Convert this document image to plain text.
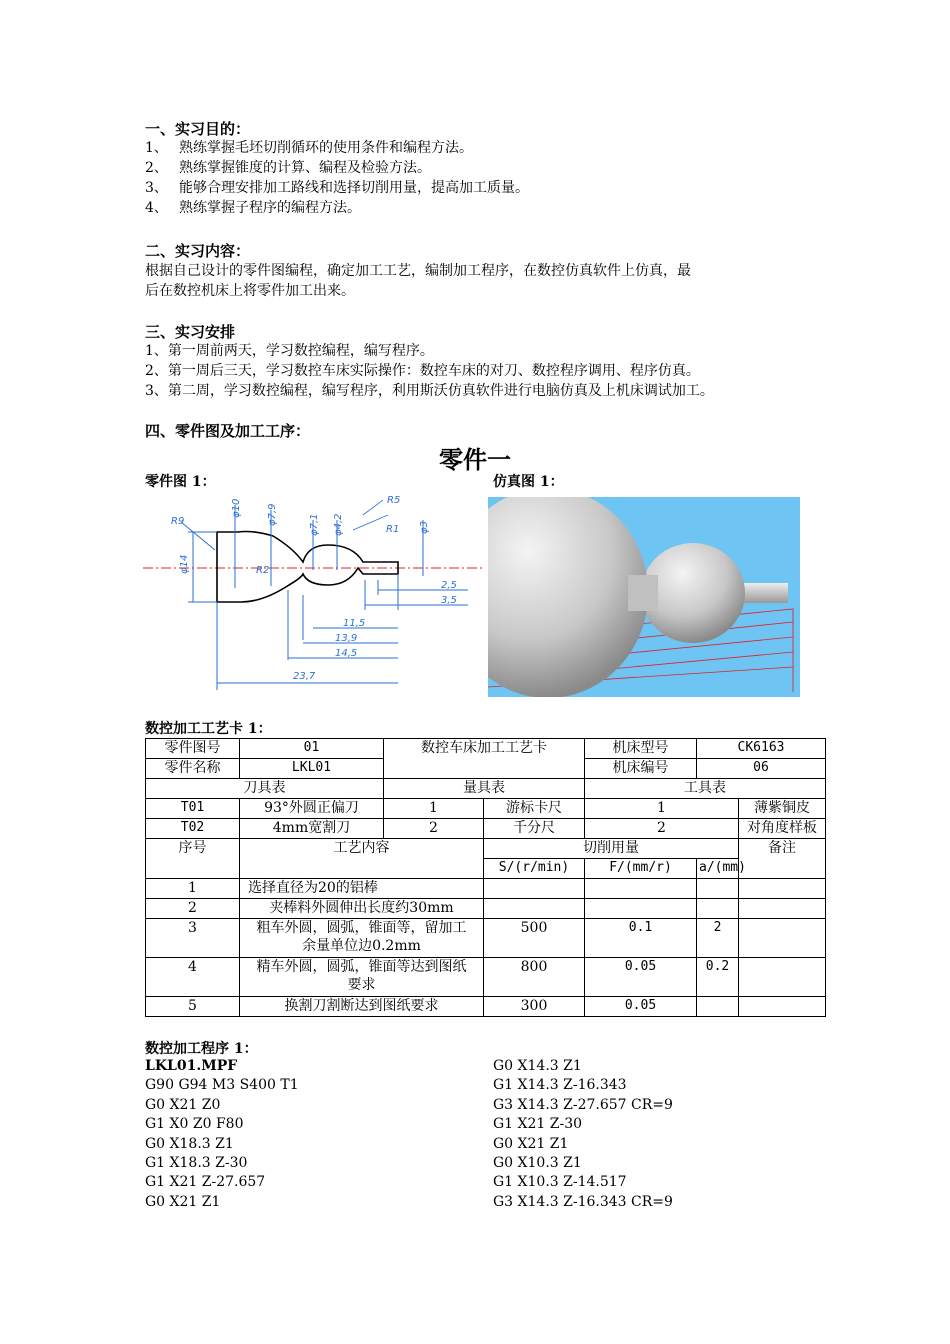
一、实习目的：
1、 熟练掌握毛坯切削循环的使用条件和编程方法。
2、 熟练掌握锥度的计算、编程及检验方法。
3、 能够合理安排加工路线和选择切削用量，提高加工质量。
4、 熟练掌握子程序的编程方法。
二、实习内容：
根据自己设计的零件图编程，确定加工工艺，编制加工程序，在数控仿真软件上仿真，最
后在数控机床上将零件加工出来。
三、实习安排
1、第一周前两天，学习数控编程，编写程序。
2、第一周后三天，学习数控车床实际操作：数控车床的对刀、数控程序调用、程序仿真。
3、第二周，学习数控编程，编写程序，利用斯沃仿真软件进行电脑仿真及上机床调试加工。
四、零件图及加工工序：
零件一
零件图 1：	仿真图 1：
R9
φ10	φ7,9
R5
φ7,1 φ4,2	R1 φ3
R2
φ14
2,5
3,5
11,5
13,9
14,5
23,7
数控加工工艺卡 1：
零件图号	01	数控车床加工工艺卡		机床型号	CK6163	
零件名称	LKL01			机床编号	06	
刀具表		量具表		工具表		
T01	93°外圆正偏刀	1	游标卡尺	1		薄紫铜皮
T02	4mm宽割刀	2	千分尺	2		对角度样板
序号	工艺内容		切削用量			备注
			S/(r/min)	F/(mm/r)	a/(mm)	
1	选择直径为20的铝棒					
2	夹棒料外圆伸出长度约30mm					
3	粗车外圆，圆弧，锥面等，留加工余量单位边0.2mm		500	0.1	2	
4	精车外圆，圆弧，锥面等达到图纸要求		800	0.05	0.2	
5	换割刀割断达到图纸要求		300	0.05		
数控加工程序 1：
LKL01.MPF
G90 G94 M3 S400 T1
G0 X21 Z0
G1 X0 Z0 F80
G0 X18.3 Z1
G1 X18.3 Z-30
G1 X21 Z-27.657
G0 X21 Z1
G0 X14.3 Z1
G1 X14.3 Z-16.343
G3 X14.3 Z-27.657 CR=9
G1 X21 Z-30
G0 X21 Z1
G0 X10.3 Z1
G1 X10.3 Z-14.517
G3 X14.3 Z-16.343 CR=9
